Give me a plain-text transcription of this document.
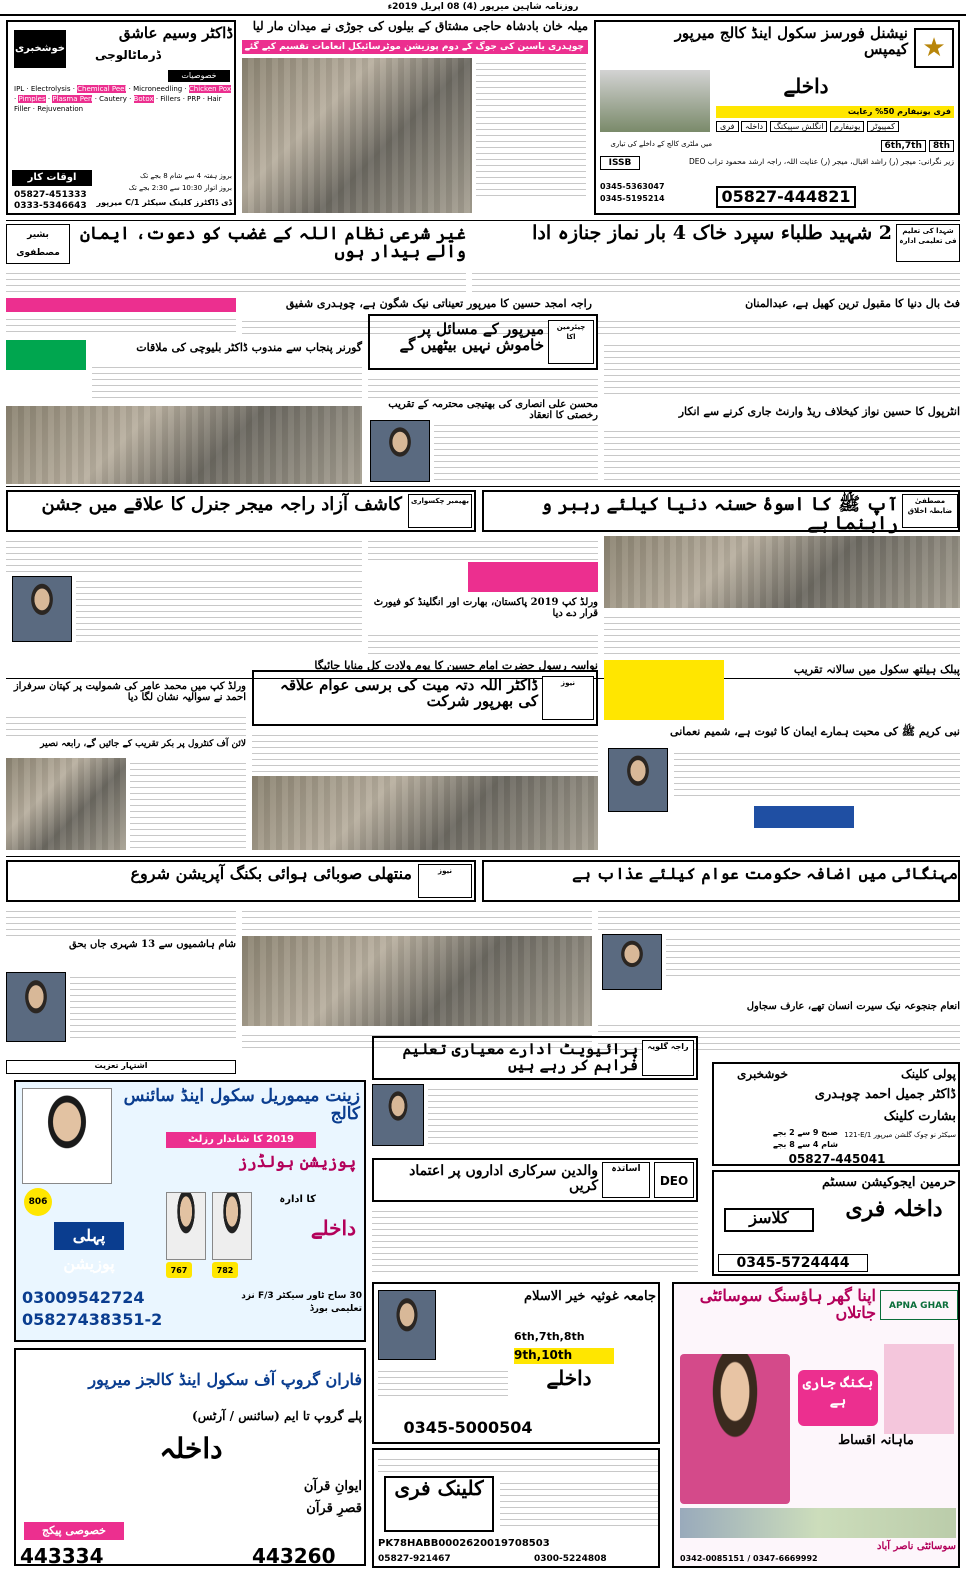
روزنامہ شاہین میرپور (4) 08 اپریل 2019ء
ڈاکٹر وسیم عاشق
ڈرماٹالوجی
خوشخبری
خصوصیات
IPL · Electrolysis · Chemical Peel · Microneedling · Chicken Pox · Pimples · Plasma Pen · Cautery · Botox · Fillers · PRP · Hair Filler · Rejuvenation
اوقات کار	بروز ہفتہ 4 سے شام 8 بجے تک
بروز اتوار 10:30 سے 2:30 بجے تک
05827-451333
0333-5346643	ڈی ڈاکٹرز کلینک سیکٹر C/1 میرپور
میلہ خان بادشاہ حاجی مشتاق کے بیلوں کی جوڑی نے میدان مار لیا
چوہدری یاسین کی جوگ کے دوم پوزیشن موٹرسائیکل انعامات تقسیم کیے گئے
نیشنل فورسز سکول اینڈ کالج میرپور کیمپس ★
داخلے
فری یونیفارم 50% رعایت
کمپیوٹر یونیفارم انگلش سپیکنگ داخلہ فری
6th,7th 8th
میں ملٹری کالج کے داخلے کی تیاری
ISSB	زیر نگرانی: میجر (ر) راشد اقبال، میجر (ر) عنایت اللہ، راجہ ارشد محمود تراب DEO
0345-5363047
0345-5195214	05827-444821
بشیر مصطفوی
غیر شرعی نظام اللہ کے غضب کو دعوت، ایمان والے بیدار ہوں
2 شہید طلباء سپرد خاک 4 بار نماز جنازہ ادا	شہدا کی تعلیم فی تعلیمی ادارہ
راجہ امجد حسین کا میرپور تعیناتی نیک شگون ہے، چوہدری شفیق	فٹ بال دنیا کا مقبول ترین کھیل ہے، عبدالمنان
گورنر پنجاب سے مندوب ڈاکٹر بلیوچی کی ملاقات
میرپور کے مسائل پر خاموش نہیں بیٹھیں گے
چیئرمین اکا
محسن علی انصاری کی بھتیجی محترمہ کے تقریب رخصتی کا انعقاد	انٹرپول کا حسین نواز کیخلاف ریڈ وارنٹ جاری کرنے سے انکار
کاشف آزاد راجہ میجر جنرل کا علاقے میں جشن	بھیمبر چکسواری	آپ ﷺ کا اسوۂ حسنہ دنیا کیلئے رہبر و راہنما ہے
مصطفیٰ ضابطہ اخلاق
ورلڈ کپ 2019 پاکستان، بھارت اور انگلینڈ کو فیورٹ قرار دے دیا
نواسہ رسول حضرت امام حسین کا یوم ولادت کل منایا جائیگا
ورلڈ کپ میں محمد عامر کی شمولیت پر کپتان سرفراز احمد نے سوالیہ نشان لگا دیا
لائن آف کنٹرول پر بکر تقریب کے جائیں گے، رابعہ نصیر
ڈاکٹر اللہ دتہ میت کی برسی عوام علاقہ کی بھرپور شرکت
نیوز
پبلک ہیلتھ سکول میں سالانہ تقریب
نبی کریم ﷺ کی محبت ہمارے ایمان کا ثبوت ہے، شمیم نعمانی
منتھلی صوبائی ہوائی بکنگ آپریشن شروع	نیوز	مہنگائی میں اضافہ حکومت عوام کیلئے عذاب ہے
شام ہاشمیوں سے 13 شہری جاں بحق
انعام جنجوعہ نیک سیرت انسان تھے، عارف سجاول
اشتہار تعزیت
پرائیویٹ ادارے معیاری تعلیم فراہم کر رہے ہیں
راجہ گلویہ
پولی کلینک
خوشخبری
ڈاکٹر جمیل احمد چوہدری
بشارت کلینک
صبح 9 سے 2 بجے
شام 4 سے 8 بجے
121-E/1 سیکٹر نو چوک گلشن میرپور
05827-445041
زینت میموریل سکول اینڈ سائنس کالج
2019 کا شاندار رزلٹ
پوزیشن ہولڈرز
کا ادارہ
806
782
767
پہلی پوزیشن
داخلے
03009542724
05827438351-2
30 ساح ٹاور سیکٹر F/3 نزد تعلیمی بورڈ
والدین سرکاری اداروں پر اعتماد کریں
اساتذہ
DEO	حرمین ایجوکیشن سسٹم
داخلہ فری
کلاسز
0345-5724444
جامعہ غوثیہ خیر الاسلام
6th,7th,8th
9th,10th
داخلے
0345-5000504
APNA GHAR
اپنا گھر ہاؤسنگ سوسائٹی جاتلاں
بکنگ جاری ہے
ماہانہ اقساط
سوسائٹی ناصر آباد
0342-0085151 / 0347-6669992
فاران گروپ آف سکول اینڈ کالجز میرپور
پلے گروپ تا ایم (سائنس / آرٹس)
داخلہ
ایوانِ قرآن
قصرِ قرآن
خصوصی پیکج
443334	443260
کلینک فری
PK78HABB0002620019708503
05827-921467	0300-5224808
